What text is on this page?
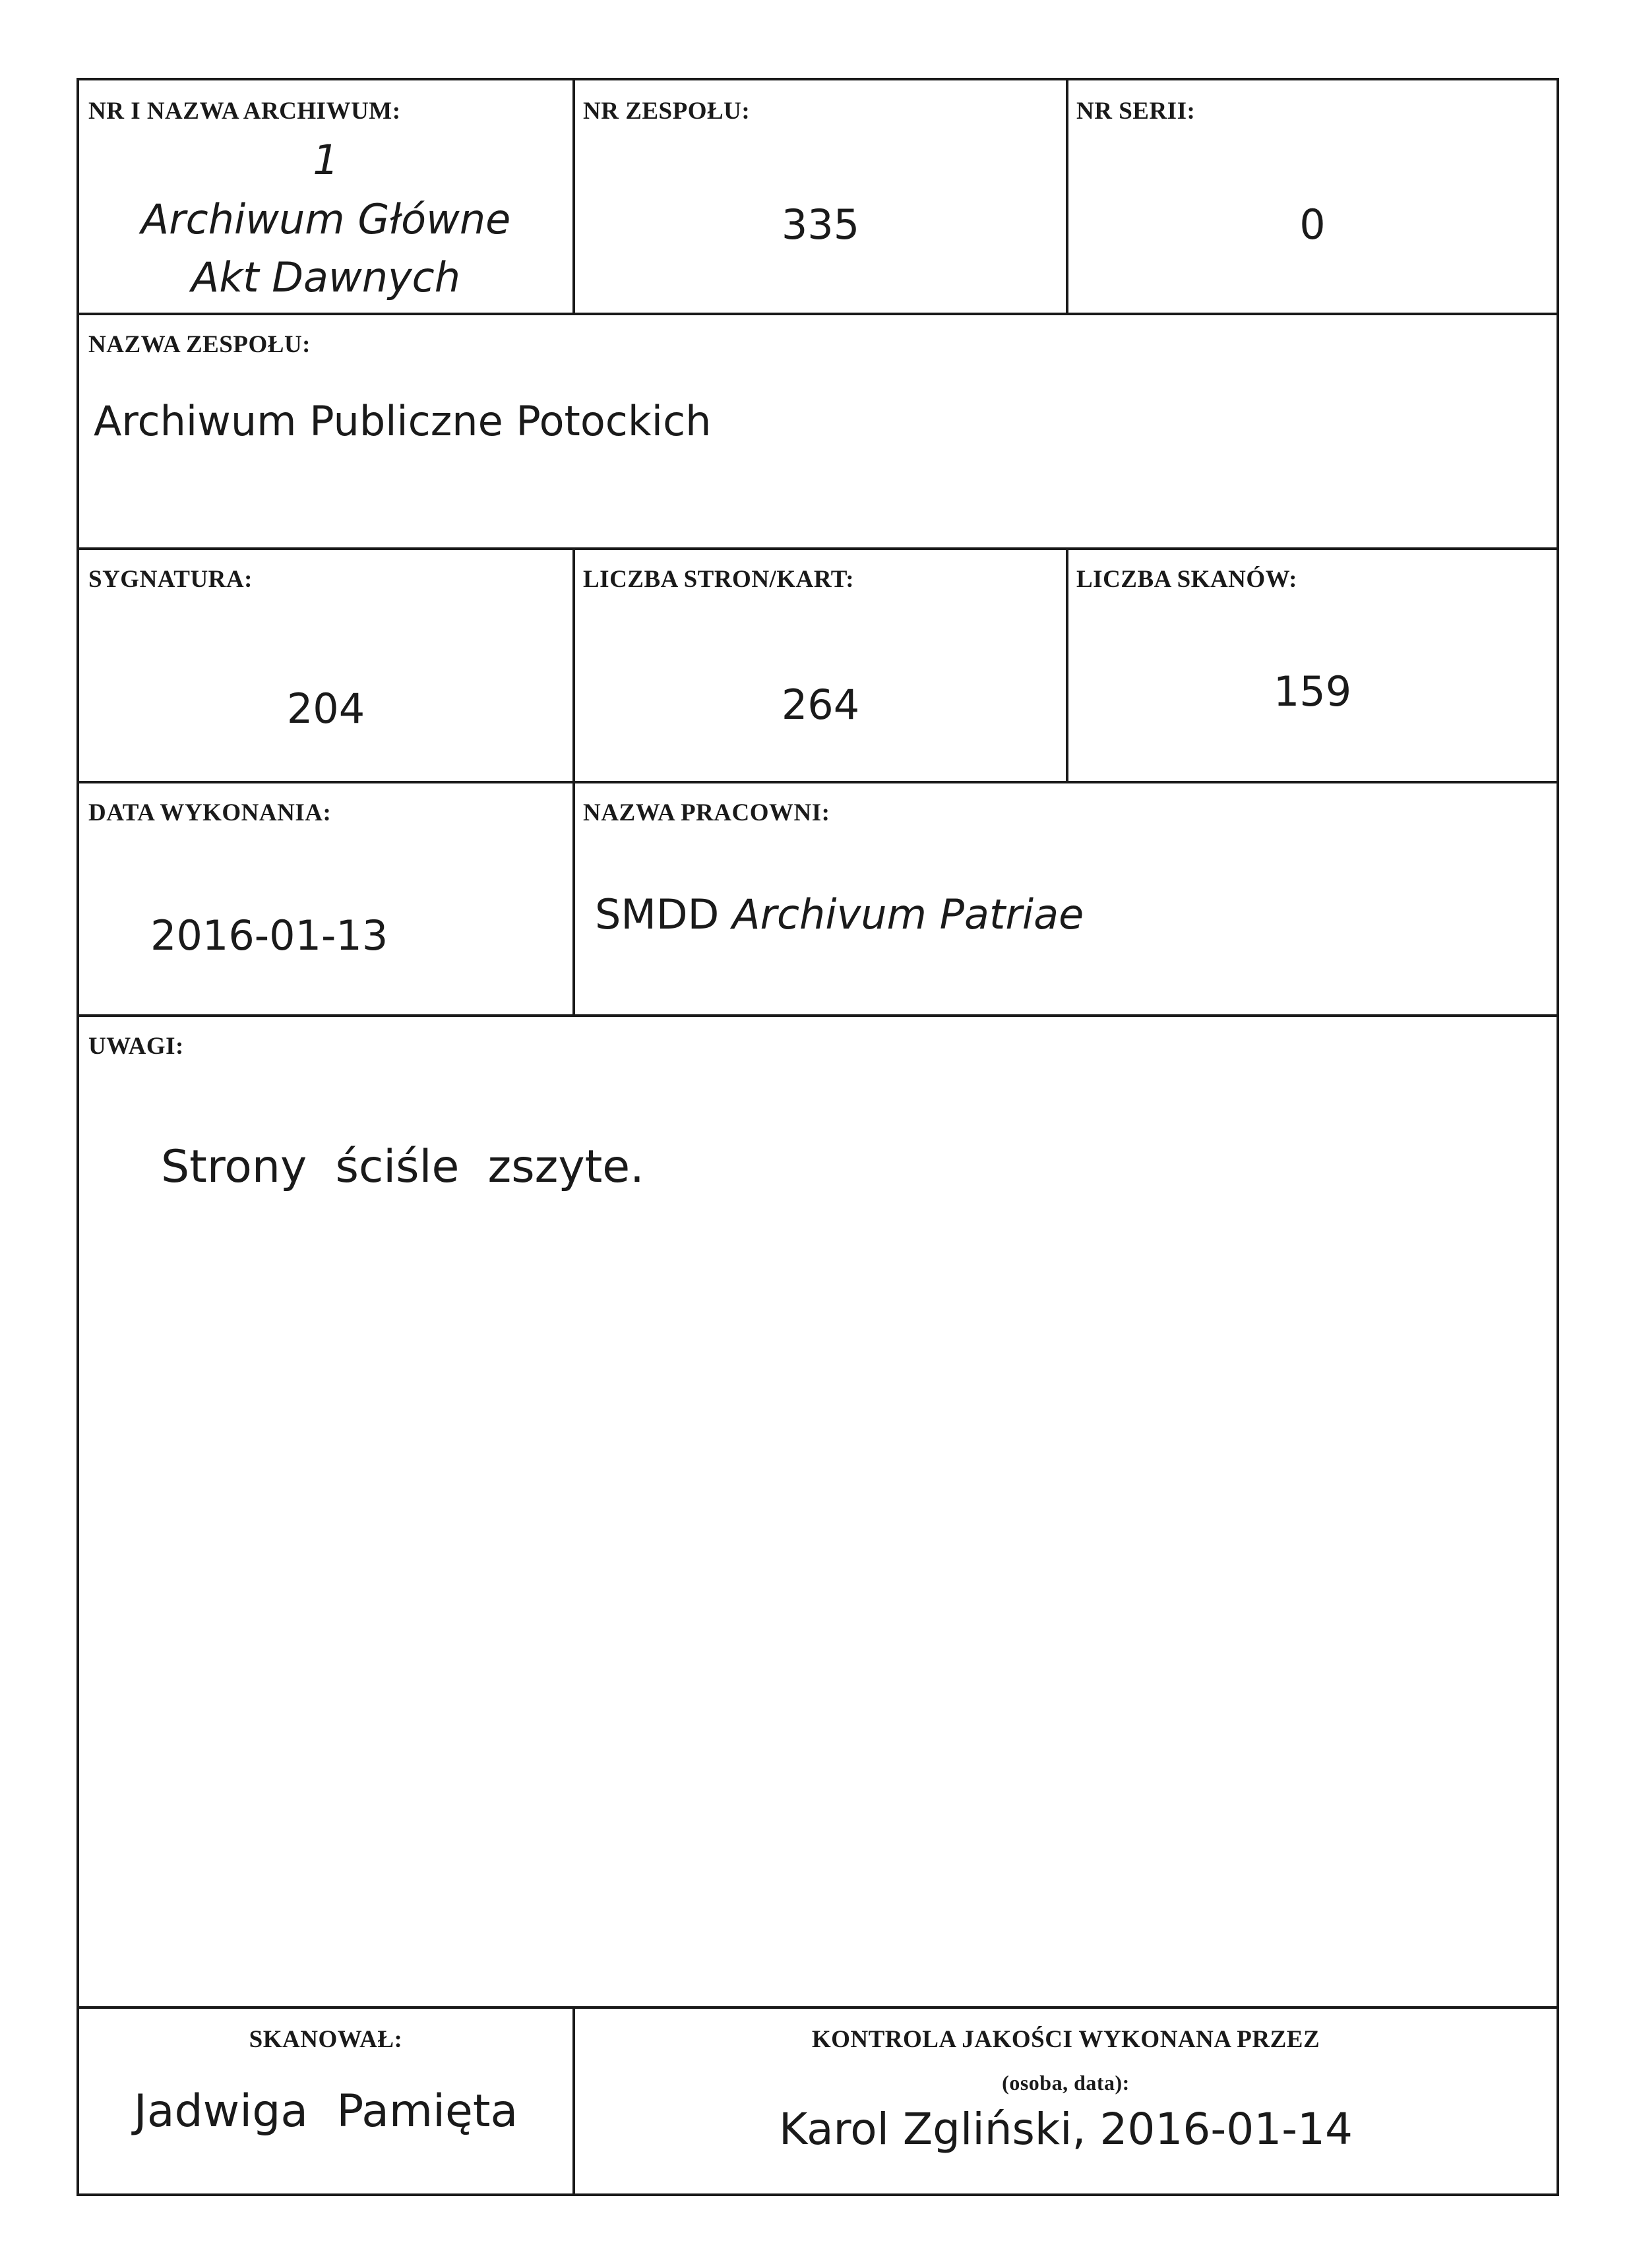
NR I NAZWA ARCHIWUM:
1
Archiwum Główne
Akt Dawnych
NR ZESPOŁU:
335
NR SERII:
0
NAZWA ZESPOŁU:
Archiwum Publiczne Potockich
SYGNATURA:
204
LICZBA STRON/KART:
264
LICZBA SKANÓW:
159
DATA WYKONANIA:
2016-01-13
NAZWA PRACOWNI:
SMDD Archivum Patriae
UWAGI:
Strony  ściśle  zszyte.
SKANOWAŁ:
Jadwiga  Pamięta
KONTROLA JAKOŚCI WYKONANA PRZEZ
(osoba, data):
Karol Zgliński, 2016-01-14
